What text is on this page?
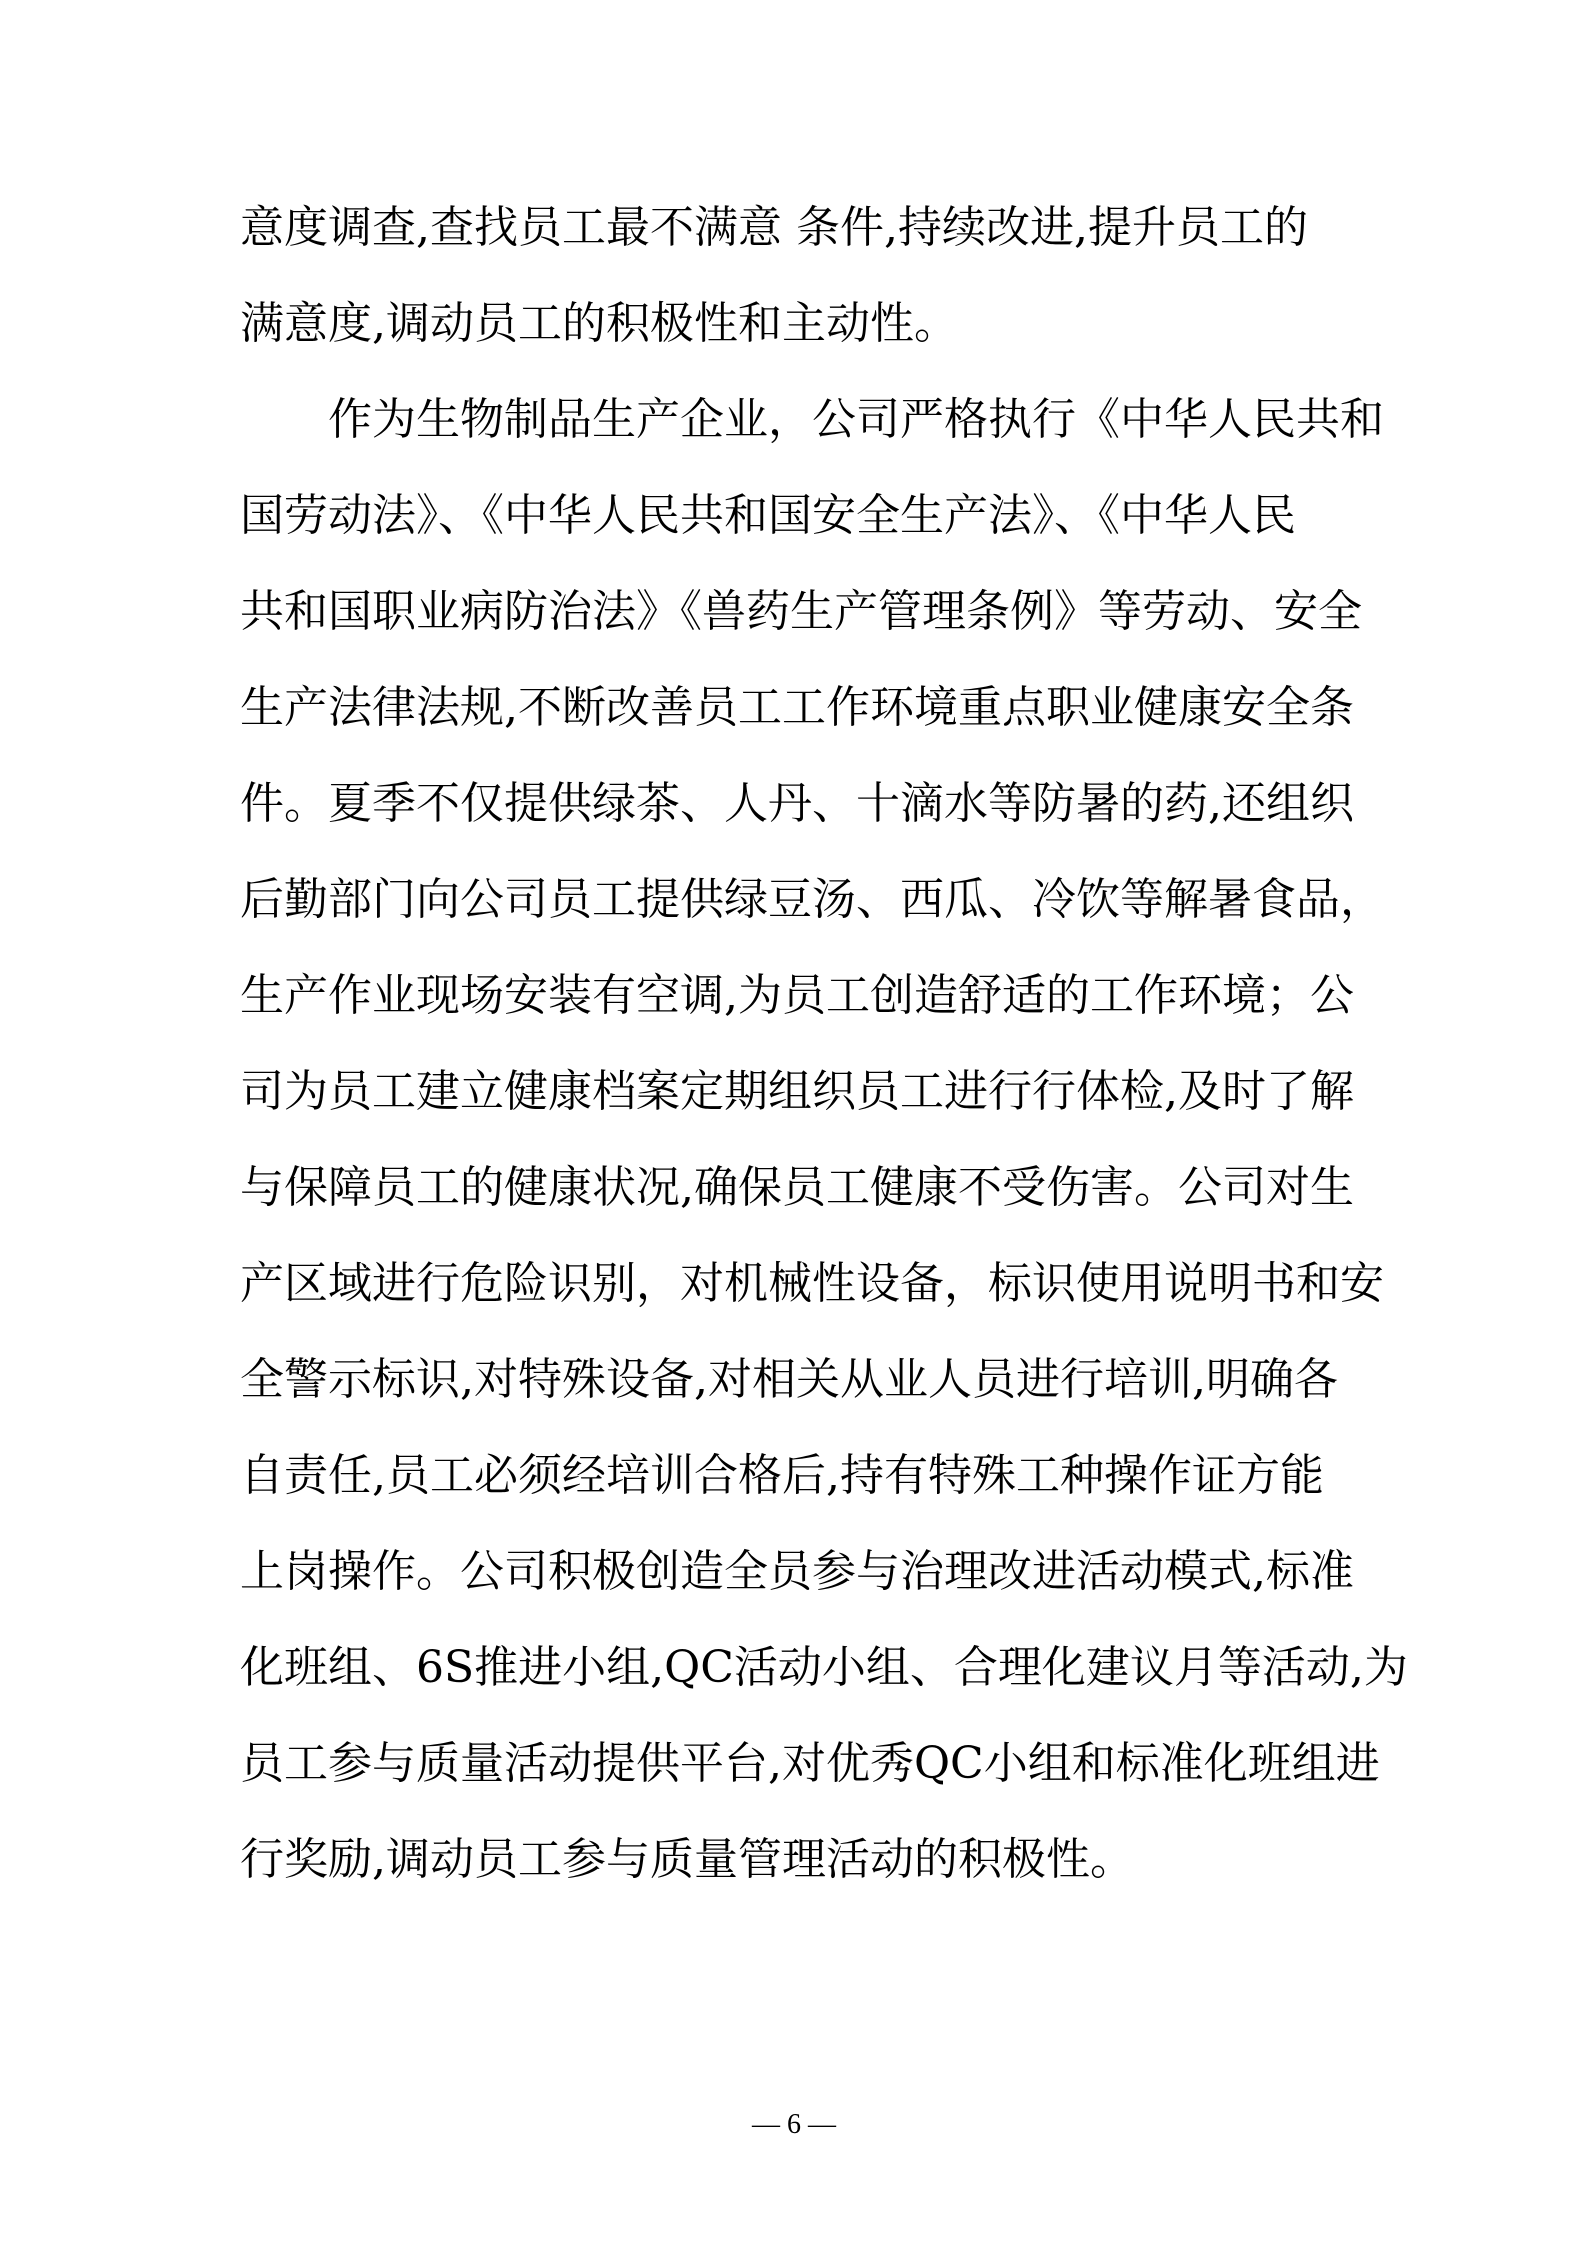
意度调查,查找员工最不满意 条件,持续改进,提升员工的
满意度,调动员工的积极性和主动性。
作为生物制品生产企业，公司严格执行《中华人民共和
国劳动法》、《中华人民共和国安全生产法》、《中华人民
共和国职业病防治法》《兽药生产管理条例》等劳动、安全
生产法律法规,不断改善员工工作环境重点职业健康安全条
件。夏季不仅提供绿茶、人丹、十滴水等防暑的药,还组织
后勤部门向公司员工提供绿豆汤、西瓜、冷饮等解暑食品，
生产作业现场安装有空调,为员工创造舒适的工作环境；公
司为员工建立健康档案定期组织员工进行行体检,及时了解
与保障员工的健康状况,确保员工健康不受伤害。公司对生
产区域进行危险识别，对机械性设备，标识使用说明书和安
全警示标识,对特殊设备,对相关从业人员进行培训,明确各
自责任,员工必须经培训合格后,持有特殊工种操作证方能
上岗操作。公司积极创造全员参与治理改进活动模式,标准
化班组、6S推进小组,QC活动小组、合理化建议月等活动,为
员工参与质量活动提供平台,对优秀QC小组和标准化班组进
行奖励,调动员工参与质量管理活动的积极性。
— 6 —
